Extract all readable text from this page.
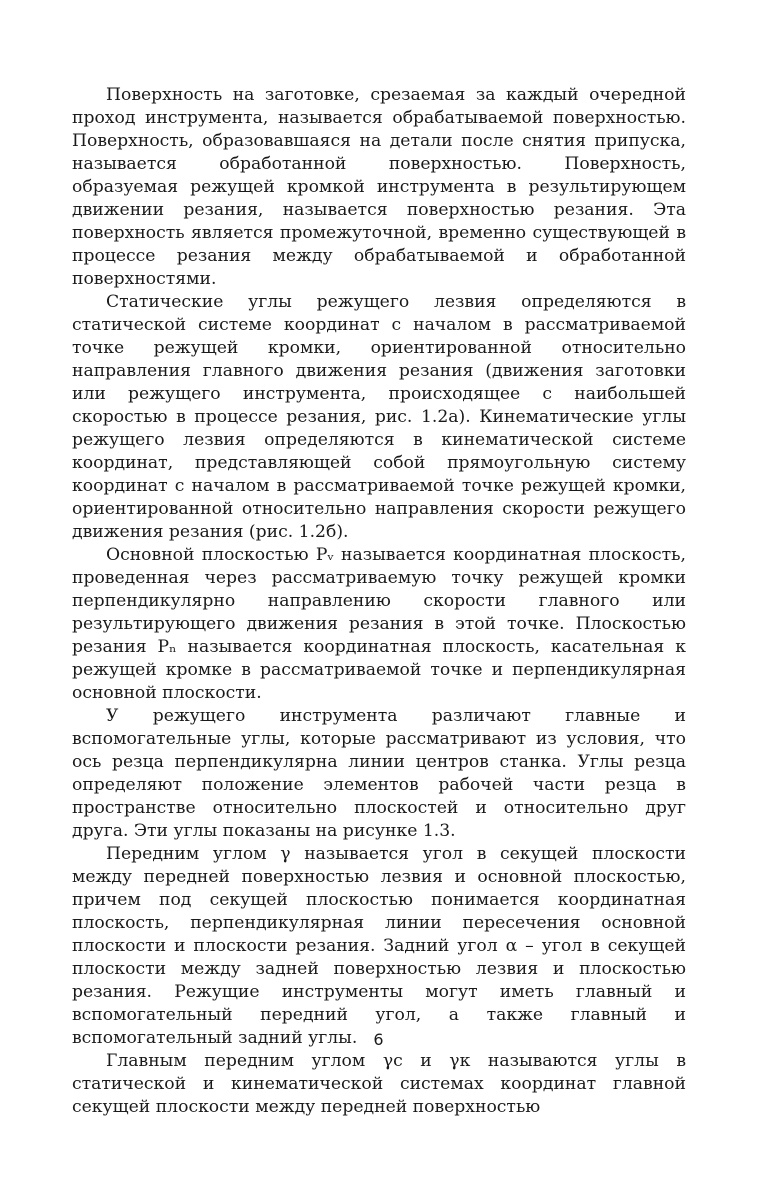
Поверхность на заготовке, срезаемая за каждый очередной проход инструмента, называется обрабатываемой поверхностью. Поверхность, образовавшаяся на детали после снятия припуска, называется обработанной поверхностью. Поверхность, образуемая режущей кромкой инструмента в результирующем движении резания, называется поверхностью резания. Эта поверхность является промежуточной, временно существующей в процессе резания между обрабатываемой и обработанной поверхностями.

Статические углы режущего лезвия определяются в статической системе координат с началом в рассматриваемой точке режущей кромки, ориентированной относительно направления главного движения резания (движения заготовки или режущего инструмента, происходящее с наибольшей скоростью в процессе резания, рис. 1.2а). Кинематические углы режущего лезвия определяются в кинематической системе координат, представляющей собой прямоугольную систему координат с началом в рассматриваемой точке режущей кромки, ориентированной относительно направления скорости режущего движения резания (рис. 1.2б).

Основной плоскостью Pᵥ называется координатная плоскость, проведенная через рассматриваемую точку режущей кромки перпендикулярно направлению скорости главного или результирующего движения резания в этой точке. Плоскостью резания Pₙ называется координатная плоскость, касательная к режущей кромке в рассматриваемой точке и перпендикулярная основной плоскости.

У режущего инструмента различают главные и вспомогательные углы, которые рассматривают из условия, что ось резца перпендикулярна линии центров станка. Углы резца определяют положение элементов рабочей части резца в пространстве относительно плоскостей и относительно друг друга. Эти углы показаны на рисунке 1.3.

Передним углом γ называется угол в секущей плоскости между передней поверхностью лезвия и основной плоскостью, причем под секущей плоскостью понимается координатная плоскость, перпендикулярная линии пересечения основной плоскости и плоскости резания. Задний угол α – угол в секущей плоскости между задней поверхностью лезвия и плоскостью резания. Режущие инструменты могут иметь главный и вспомогательный передний угол, а также главный и вспомогательный задний углы.

Главным передним углом γс и γк называются углы в статической и кинематической системах координат главной секущей плоскости между передней поверхностью

6
